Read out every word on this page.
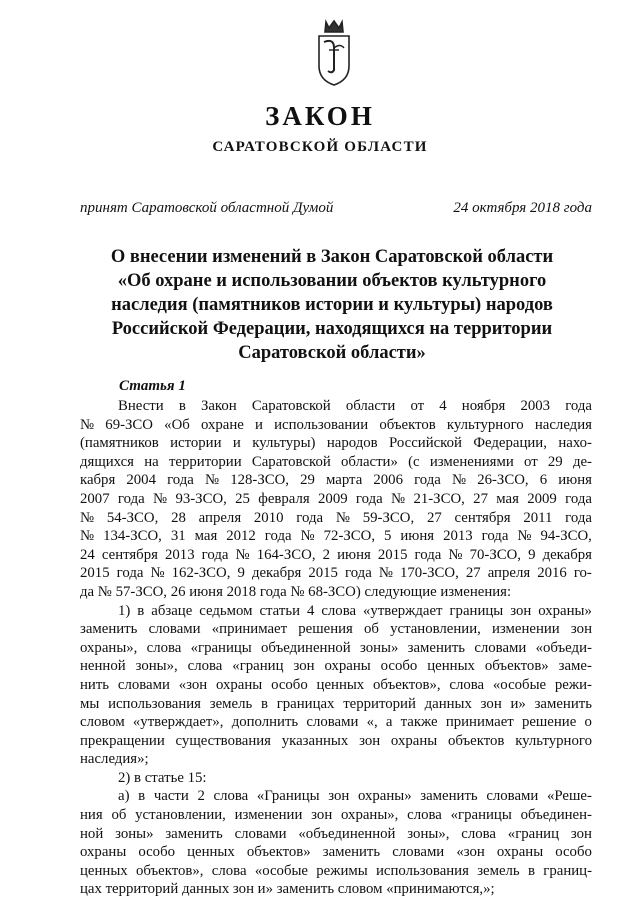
ЗАКОН
САРАТОВСКОЙ ОБЛАСТИ
принят Саратовской областной Думой	24 октября 2018 года
О внесении изменений в Закон Саратовской области
«Об охране и использовании объектов культурного
наследия (памятников истории и культуры) народов
Российской Федерации, находящихся на территории
Саратовской области»
Статья 1
Внести в Закон Саратовской области от 4 ноября 2003 года
№ 69-ЗСО «Об охране и использовании объектов культурного наследия
(памятников истории и культуры) народов Российской Федерации, нахо-
дящихся на территории Саратовской области» (с изменениями от 29 де-
кабря 2004 года № 128-ЗСО, 29 марта 2006 года № 26-ЗСО, 6 июня
2007 года № 93-ЗСО, 25 февраля 2009 года № 21-ЗСО, 27 мая 2009 года
№ 54-ЗСО, 28 апреля 2010 года № 59-ЗСО, 27 сентября 2011 года
№ 134-ЗСО, 31 мая 2012 года № 72-ЗСО, 5 июня 2013 года № 94-ЗСО,
24 сентября 2013 года № 164-ЗСО, 2 июня 2015 года № 70-ЗСО, 9 декабря
2015 года № 162-ЗСО, 9 декабря 2015 года № 170-ЗСО, 27 апреля 2016 го-
да № 57-ЗСО, 26 июня 2018 года № 68-ЗСО) следующие изменения:
1) в абзаце седьмом статьи 4 слова «утверждает границы зон охраны»
заменить словами «принимает решения об установлении, изменении зон
охраны», слова «границы объединенной зоны» заменить словами «объеди-
ненной зоны», слова «границ зон охраны особо ценных объектов» заме-
нить словами «зон охраны особо ценных объектов», слова «особые режи-
мы использования земель в границах территорий данных зон и» заменить
словом «утверждает», дополнить словами «, а также принимает решение о
прекращении существования указанных зон охраны объектов культурного
наследия»;
2) в статье 15:
а) в части 2 слова «Границы зон охраны» заменить словами «Реше-
ния об установлении, изменении зон охраны», слова «границы объединен-
ной зоны» заменить словами «объединенной зоны», слова «границ зон
охраны особо ценных объектов» заменить словами «зон охраны особо
ценных объектов», слова «особые режимы использования земель в границ-
цах территорий данных зон и» заменить словом «принимаются,»;
